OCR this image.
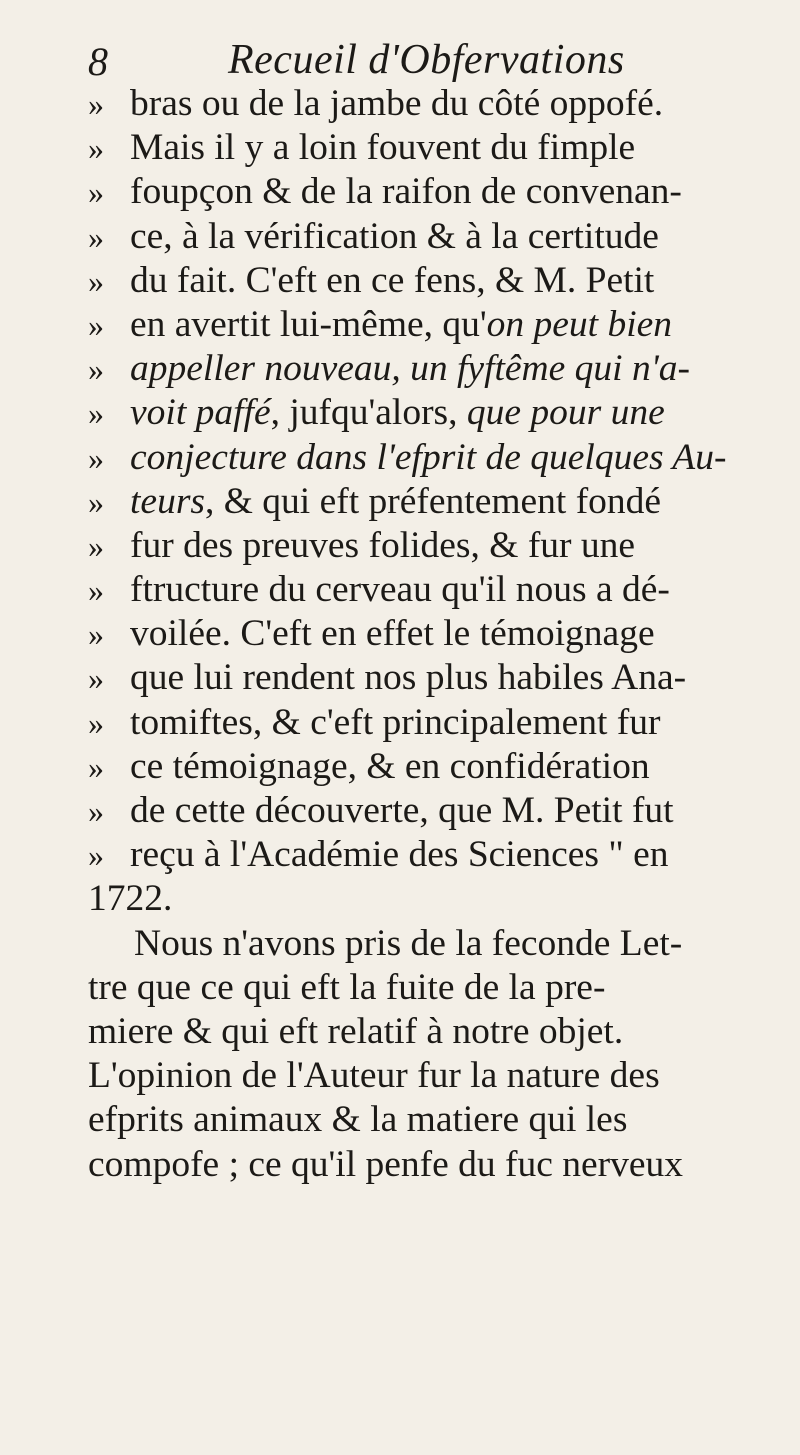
8	Recueil d'Obfervations
» bras ou de la jambe du côté oppofé.
» Mais il y a loin fouvent du fimple
» foupçon & de la raifon de convenan-
» ce, à la vérification & à la certitude
» du fait. C'eft en ce fens, & M. Petit
» en avertit lui-même, qu'on peut bien
» appeller nouveau, un fyftême qui n'a-
» voit paffé, jufqu'alors, que pour une
» conjecture dans l'efprit de quelques Au-
» teurs, & qui eft préfentement fondé
» fur des preuves folides, & fur une
» ftructure du cerveau qu'il nous a dé-
» voilée. C'eft en effet le témoignage
» que lui rendent nos plus habiles Ana-
» tomiftes, & c'eft principalement fur
» ce témoignage, & en confidération
» de cette découverte, que M. Petit fut
» reçu à l'Académie des Sciences " en
1722.
Nous n'avons pris de la feconde Let-
tre que ce qui eft la fuite de la pre-
miere & qui eft relatif à notre objet.
L'opinion de l'Auteur fur la nature des
efprits animaux & la matiere qui les
compofe ; ce qu'il penfe du fuc nerveux
